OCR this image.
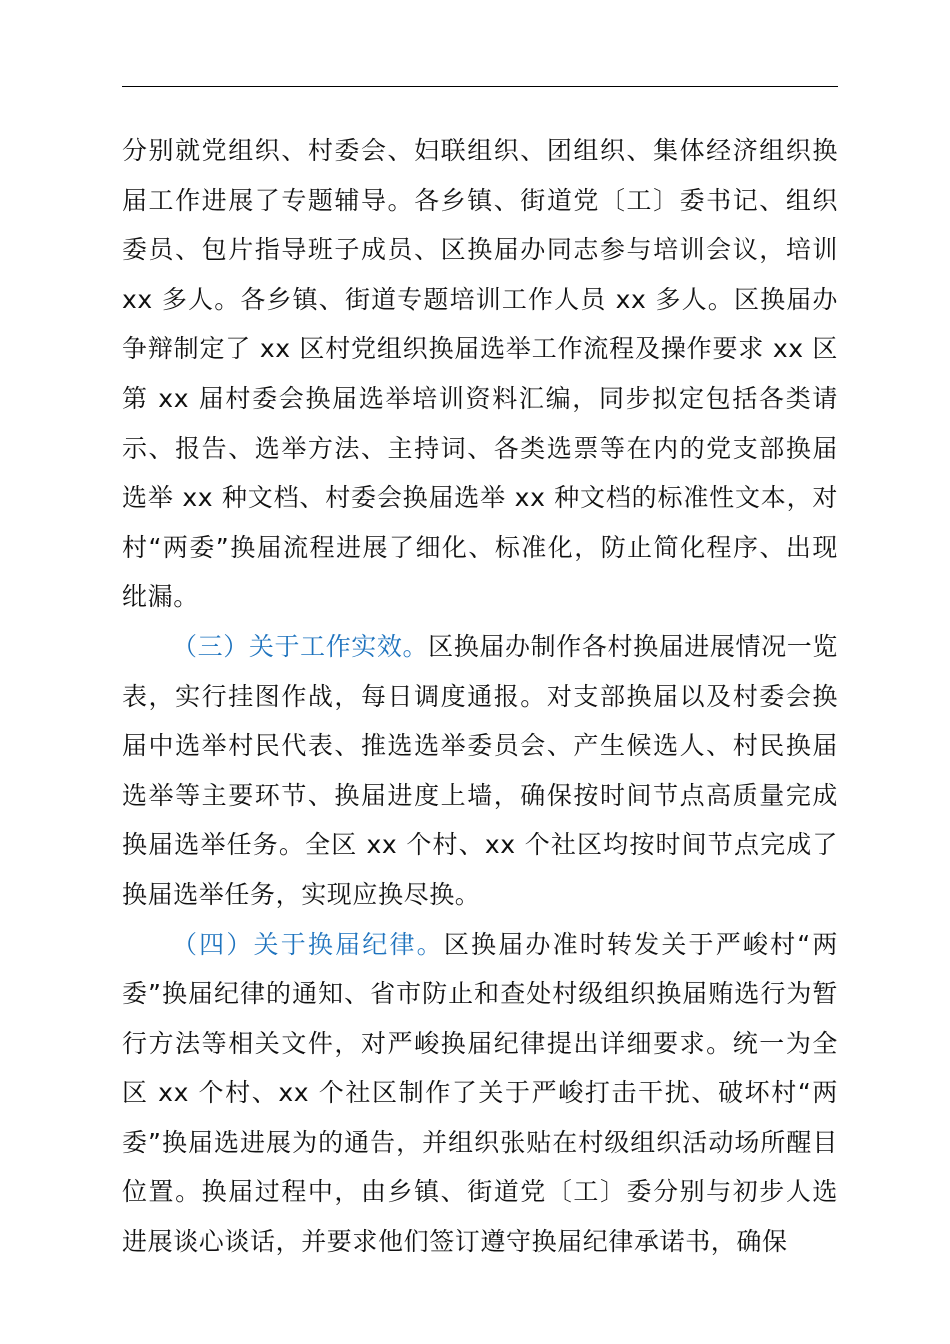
分别就党组织、村委会、妇联组织、团组织、集体经济组织换届工作进展了专题辅导。各乡镇、街道党〔工〕委书记、组织委员、包片指导班子成员、区换届办同志参与培训会议，培训 xx 多人。各乡镇、街道专题培训工作人员 xx 多人。区换届办争辩制定了 xx 区村党组织换届选举工作流程及操作要求 xx 区第 xx 届村委会换届选举培训资料汇编，同步拟定包括各类请示、报告、选举方法、主持词、各类选票等在内的党支部换届选举 xx 种文档、村委会换届选举 xx 种文档的标准性文本，对村“两委”换届流程进展了细化、标准化，防止简化程序、出现纰漏。

（三）关于工作实效。区换届办制作各村换届进展情况一览表，实行挂图作战，每日调度通报。对支部换届以及村委会换届中选举村民代表、推选选举委员会、产生候选人、村民换届选举等主要环节、换届进度上墙，确保按时间节点高质量完成换届选举任务。全区 xx 个村、xx 个社区均按时间节点完成了换届选举任务，实现应换尽换。

（四）关于换届纪律。区换届办准时转发关于严峻村“两委”换届纪律的通知、省市防止和查处村级组织换届贿选行为暂行方法等相关文件，对严峻换届纪律提出详细要求。统一为全区 xx 个村、xx 个社区制作了关于严峻打击干扰、破坏村“两委”换届选进展为的通告，并组织张贴在村级组织活动场所醒目位置。换届过程中，由乡镇、街道党〔工〕委分别与初步人选进展谈心谈话，并要求他们签订遵守换届纪律承诺书，确保
